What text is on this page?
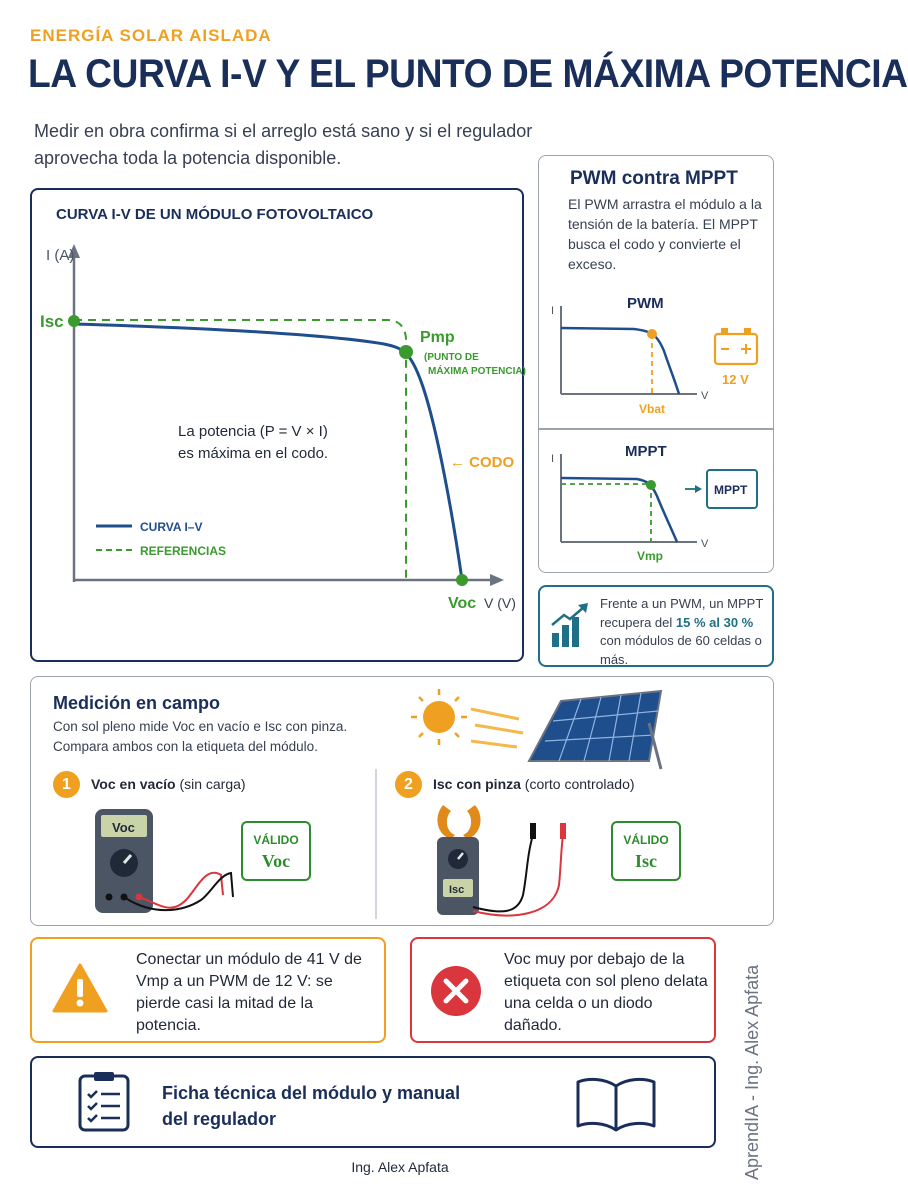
ENERGÍA SOLAR AISLADA
LA CURVA I-V Y EL PUNTO DE MÁXIMA POTENCIA
Medir en obra confirma si el arreglo está sano y si el regulador aprovecha toda la potencia disponible.
CURVA I-V DE UN MÓDULO FOTOVOLTAICO
I (A)
V (V)
Isc
Pmp
(PUNTO DE
MÁXIMA POTENCIA)
Voc
← CODO
La potencia (P = V × I)
es máxima en el codo.
CURVA I–V
REFERENCIAS
PWM contra MPPT
El PWM arrastra el módulo a la tensión de la batería. El MPPT busca el codo y convierte el exceso.
PWM
I
V
Vbat
12 V
MPPT
I
V
Vmp
MPPT
Frente a un PWM, un MPPT recupera del 15 % al 30 % con módulos de 60 celdas o más.
Medición en campo
Con sol pleno mide Voc en vacío e Isc con pinza. Compara ambos con la etiqueta del módulo.
1	Voc en vacío (sin carga)
Voc
VÁLIDO
Voc
2	Isc con pinza (corto controlado)
Isc
VÁLIDO
Isc
Conectar un módulo de 41 V de Vmp a un PWM de 12 V: se pierde casi la mitad de la potencia.
Voc muy por debajo de la etiqueta con sol pleno delata una celda o un diodo dañado.
Ficha técnica del módulo y manual del regulador
Ing. Alex Apfata	AprendIA - Ing. Alex Apfata
